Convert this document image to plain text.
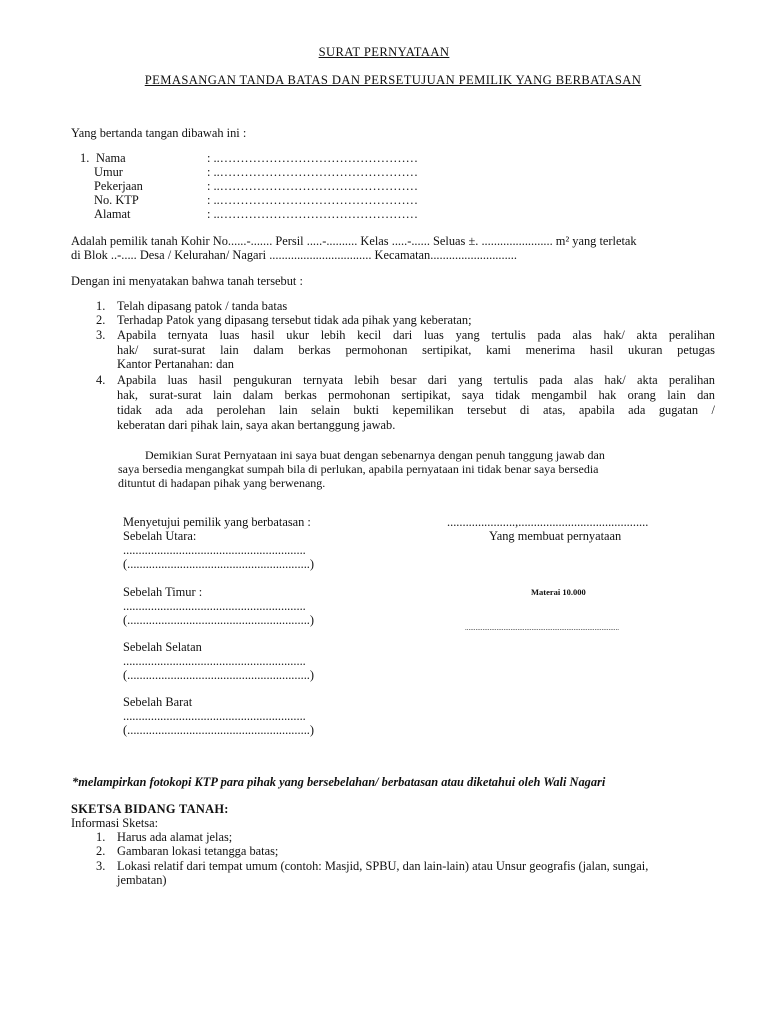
SURAT PERNYATAAN
PEMASANGAN TANDA BATAS DAN PERSETUJUAN PEMILIK YANG BERBATASAN
Yang bertanda tangan dibawah ini :
1. Nama	: ..…………………………………………
Umur	: ..…………………………………………
Pekerjaan	: ..…………………………………………
No. KTP	: ..…………………………………………
Alamat	: ..…………………………………………
Adalah pemilik tanah Kohir No......-....... Persil .....-.......... Kelas .....-...... Seluas ±. ....................... m² yang terletak
di Blok ..-..... Desa / Kelurahan/ Nagari ................................. Kecamatan............................
Dengan ini menyatakan bahwa tanah tersebut :
1. Telah dipasang patok / tanda batas
2. Terhadap Patok yang dipasang tersebut tidak ada pihak yang keberatan;
3. Apabila ternyata luas hasil ukur lebih kecil dari luas yang tertulis pada alas hak/ akta peralihan
hak/ surat-surat lain dalam berkas permohonan sertipikat, kami menerima hasil ukuran petugas
Kantor Pertanahan: dan
4. Apabila luas hasil pengukuran ternyata lebih besar dari yang tertulis pada alas hak/ akta peralihan
hak, surat-surat lain dalam berkas permohonan sertipikat, saya tidak mengambil hak orang lain dan
tidak ada ada perolehan lain selain bukti kepemilikan tersebut di atas, apabila ada gugatan /
keberatan dari pihak lain, saya akan bertanggung jawab.
Demikian Surat Pernyataan ini saya buat dengan sebenarnya dengan penuh tanggung jawab dan
saya bersedia mengangkat sumpah bila di perlukan, apabila pernyataan ini tidak benar saya bersedia
dituntut di hadapan pihak yang berwenang.
Menyetujui pemilik yang berbatasan :
Sebelah Utara:
...........................................................
(...........................................................)
Sebelah Timur :
...........................................................
(...........................................................)
Sebelah Selatan
...........................................................
(...........................................................)
Sebelah Barat
...........................................................
(...........................................................)
......................,..........................................
Yang membuat pernyataan
Materai 10.000
........................................................................................
*melampirkan fotokopi KTP para pihak yang bersebelahan/ berbatasan atau diketahui oleh Wali Nagari
SKETSA BIDANG TANAH:
Informasi Sketsa:
1. Harus ada alamat jelas;
2. Gambaran lokasi tetangga batas;
3. Lokasi relatif dari tempat umum (contoh: Masjid, SPBU, dan lain-lain) atau Unsur geografis (jalan, sungai,
jembatan)
